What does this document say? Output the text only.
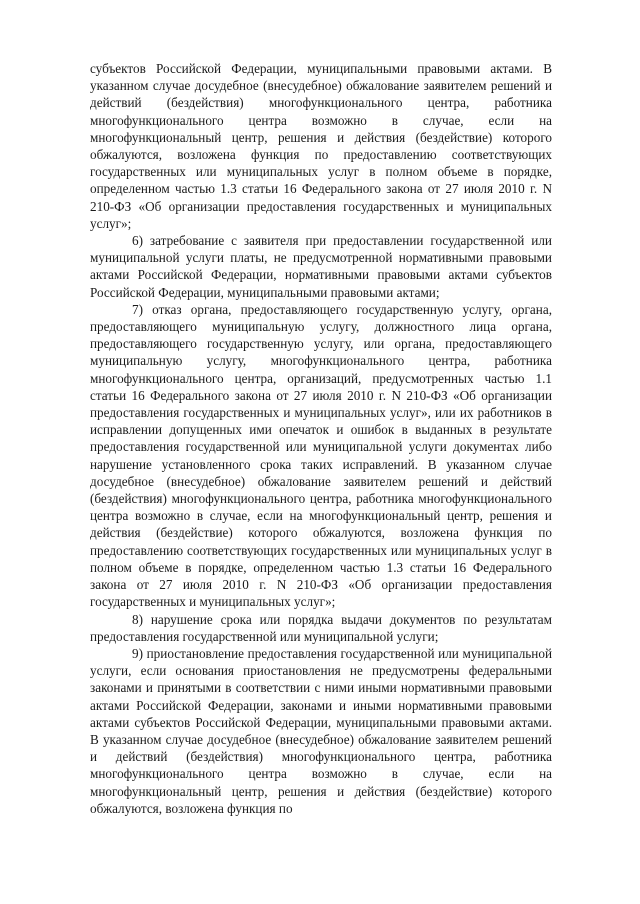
субъектов Российской Федерации, муниципальными правовыми актами. В указанном случае досудебное (внесудебное) обжалование заявителем решений и действий (бездействия) многофункционального центра, работника многофункционального центра возможно в случае, если на многофункциональный центр, решения и действия (бездействие) которого обжалуются, возложена функция по предоставлению соответствующих государственных или муниципальных услуг в полном объеме в порядке, определенном частью 1.3 статьи 16 Федерального закона от 27 июля 2010 г. N 210-ФЗ «Об организации предоставления государственных и муниципальных услуг»;

6) затребование с заявителя при предоставлении государственной или муниципальной услуги платы, не предусмотренной нормативными правовыми актами Российской Федерации, нормативными правовыми актами субъектов Российской Федерации, муниципальными правовыми актами;

7) отказ органа, предоставляющего государственную услугу, органа, предоставляющего муниципальную услугу, должностного лица органа, предоставляющего государственную услугу, или органа, предоставляющего муниципальную услугу, многофункционального центра, работника многофункционального центра, организаций, предусмотренных частью 1.1 статьи 16 Федерального закона от 27 июля 2010 г. N 210-ФЗ «Об организации предоставления государственных и муниципальных услуг», или их работников в исправлении допущенных ими опечаток и ошибок в выданных в результате предоставления государственной или муниципальной услуги документах либо нарушение установленного срока таких исправлений. В указанном случае досудебное (внесудебное) обжалование заявителем решений и действий (бездействия) многофункционального центра, работника многофункционального центра возможно в случае, если на многофункциональный центр, решения и действия (бездействие) которого обжалуются, возложена функция по предоставлению соответствующих государственных или муниципальных услуг в полном объеме в порядке, определенном частью 1.3 статьи 16 Федерального закона от 27 июля 2010 г. N 210-ФЗ «Об организации предоставления государственных и муниципальных услуг»;

8) нарушение срока или порядка выдачи документов по результатам предоставления государственной или муниципальной услуги;

9) приостановление предоставления государственной или муниципальной услуги, если основания приостановления не предусмотрены федеральными законами и принятыми в соответствии с ними иными нормативными правовыми актами Российской Федерации, законами и иными нормативными правовыми актами субъектов Российской Федерации, муниципальными правовыми актами. В указанном случае досудебное (внесудебное) обжалование заявителем решений и действий (бездействия) многофункционального центра, работника многофункционального центра возможно в случае, если на многофункциональный центр, решения и действия (бездействие) которого обжалуются, возложена функция по
